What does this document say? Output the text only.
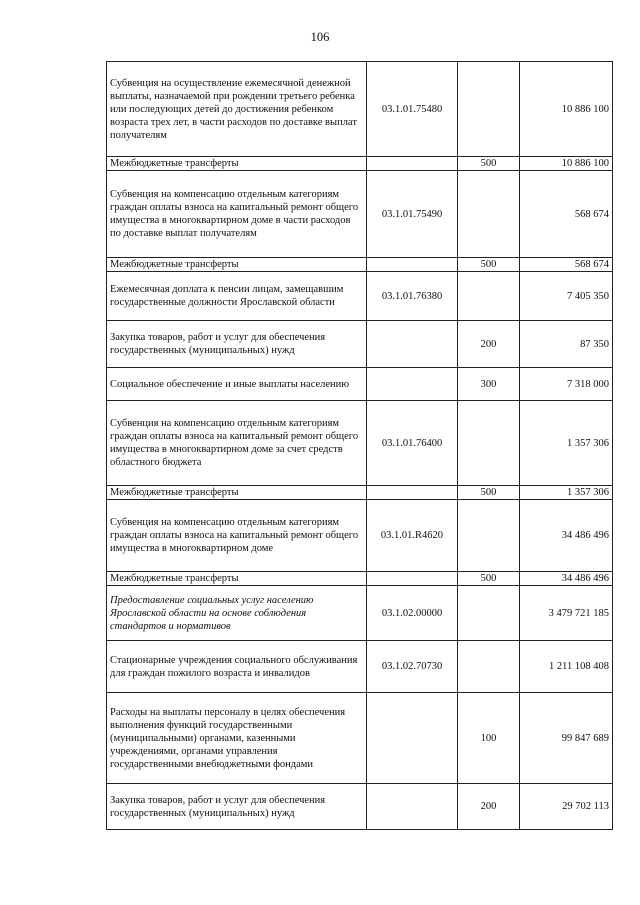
106
Субвенция на осуществление ежемесячной денежной выплаты, назначаемой при рождении третьего ребенка или последующих детей до достижения ребенком возраста трех лет, в части расходов по доставке выплат получателям	03.1.01.75480		10 886 100
Межбюджетные трансферты		500	10 886 100
Субвенция на компенсацию отдельным категориям граждан оплаты взноса на капитальный ремонт общего имущества в многоквартирном доме в части расходов по доставке выплат получателям	03.1.01.75490		568 674
Межбюджетные трансферты		500	568 674
Ежемесячная доплата к пенсии лицам, замещавшим государственные должности Ярославской области	03.1.01.76380		7 405 350
Закупка товаров, работ и услуг для обеспечения государственных (муниципальных) нужд		200	87 350
Социальное обеспечение и иные выплаты населению		300	7 318 000
Субвенция на компенсацию отдельным категориям граждан оплаты взноса на капитальный ремонт общего имущества в многоквартирном доме за счет средств областного бюджета	03.1.01.76400		1 357 306
Межбюджетные трансферты		500	1 357 306
Субвенция на компенсацию отдельным категориям граждан оплаты взноса на капитальный ремонт общего имущества в многоквартирном доме	03.1.01.R4620		34 486 496
Межбюджетные трансферты		500	34 486 496
Предоставление социальных услуг населению Ярославской области на основе соблюдения стандартов и нормативов	03.1.02.00000		3 479 721 185
Стационарные учреждения социального обслуживания для граждан пожилого возраста и инвалидов	03.1.02.70730		1 211 108 408
Расходы на выплаты персоналу в целях обеспечения выполнения функций государственными (муниципальными) органами, казенными учреждениями, органами управления государственными внебюджетными фондами		100	99 847 689
Закупка товаров, работ и услуг для обеспечения государственных (муниципальных) нужд		200	29 702 113
